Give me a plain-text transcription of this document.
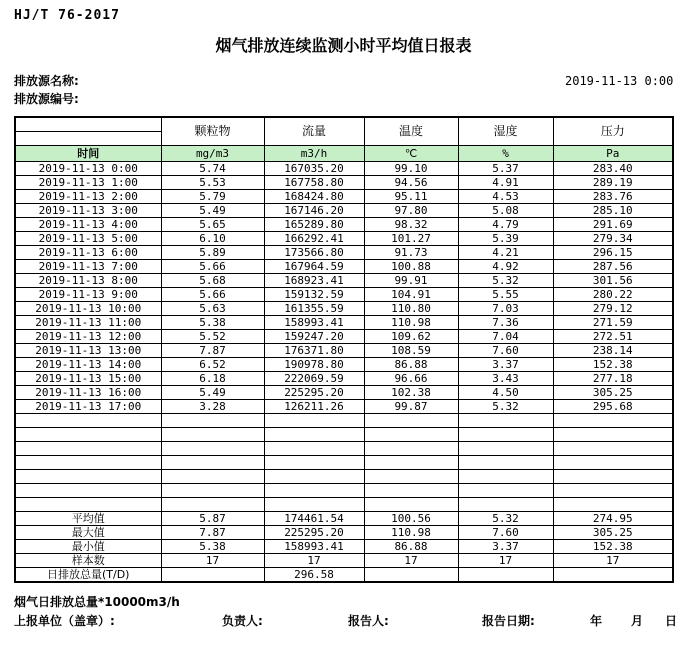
HJ/T 76-2017
烟气排放连续监测小时平均值日报表
排放源名称:
排放源编号:
2019-11-13 0:00
	颗粒物	流量	温度	湿度	压力

时间	mg/m3	m3/h	℃	%	Pa
2019-11-13 0:00	5.74	167035.20	99.10	5.37	283.40
2019-11-13 1:00	5.53	167758.80	94.56	4.91	289.19
2019-11-13 2:00	5.79	168424.80	95.11	4.53	283.76
2019-11-13 3:00	5.49	167146.20	97.80	5.08	285.10
2019-11-13 4:00	5.65	165289.80	98.32	4.79	291.69
2019-11-13 5:00	6.10	166292.41	101.27	5.39	279.34
2019-11-13 6:00	5.89	173566.80	91.73	4.21	296.15
2019-11-13 7:00	5.66	167964.59	100.88	4.92	287.56
2019-11-13 8:00	5.68	168923.41	99.91	5.32	301.56
2019-11-13 9:00	5.66	159132.59	104.91	5.55	280.22
2019-11-13 10:00	5.63	161355.59	110.80	7.03	279.12
2019-11-13 11:00	5.38	158993.41	110.98	7.36	271.59
2019-11-13 12:00	5.52	159247.20	109.62	7.04	272.51
2019-11-13 13:00	7.87	176371.80	108.59	7.60	238.14
2019-11-13 14:00	6.52	190978.80	86.88	3.37	152.38
2019-11-13 15:00	6.18	222069.59	96.66	3.43	277.18
2019-11-13 16:00	5.49	225295.20	102.38	4.50	305.25
2019-11-13 17:00	3.28	126211.26	99.87	5.32	295.68

平均值	5.87	174461.54	100.56	5.32	274.95
最大值	7.87	225295.20	110.98	7.60	305.25
最小值	5.38	158993.41	86.88	3.37	152.38
样本数	17	17	17	17	17
日排放总量(T/D)		296.58			
烟气日排放总量*10000m3/h
上报单位（盖章）:	负责人:	报告人:	报告日期:	年 月 日
